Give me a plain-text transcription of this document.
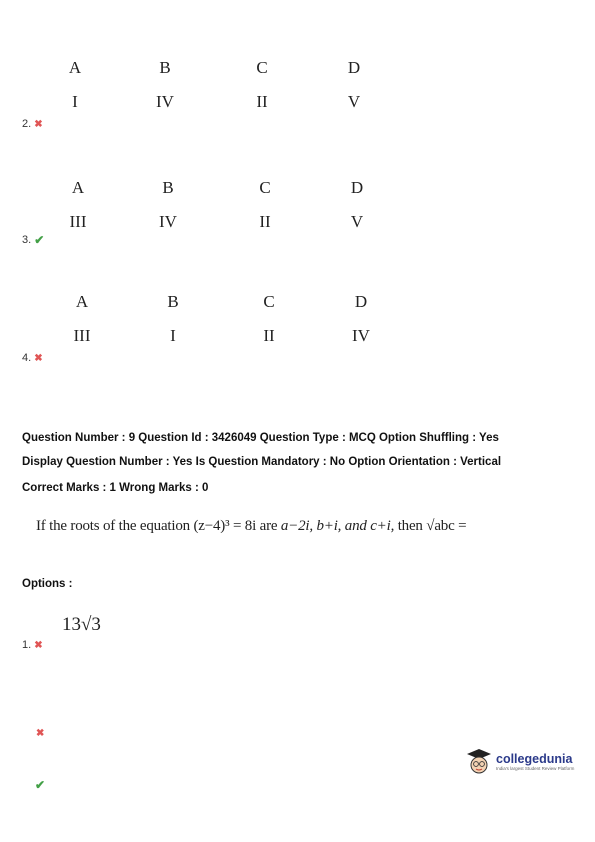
A	B	C	D
I	IV	II	V
2. ✖
A	B	C	D
III	IV	II	V
3. ✔
A	B	C	D
III	I	II	IV
4. ✖
Question Number : 9 Question Id : 3426049 Question Type : MCQ Option Shuffling : Yes
Display Question Number : Yes Is Question Mandatory : No Option Orientation : Vertical
Correct Marks : 1 Wrong Marks : 0
If the roots of the equation (z−4)³ = 8i are a−2i, b+i, and c+i, then √abc =
Options :
13√3
1. ✖
✖
✔
collegedunia
India's largest Student Review Platform
